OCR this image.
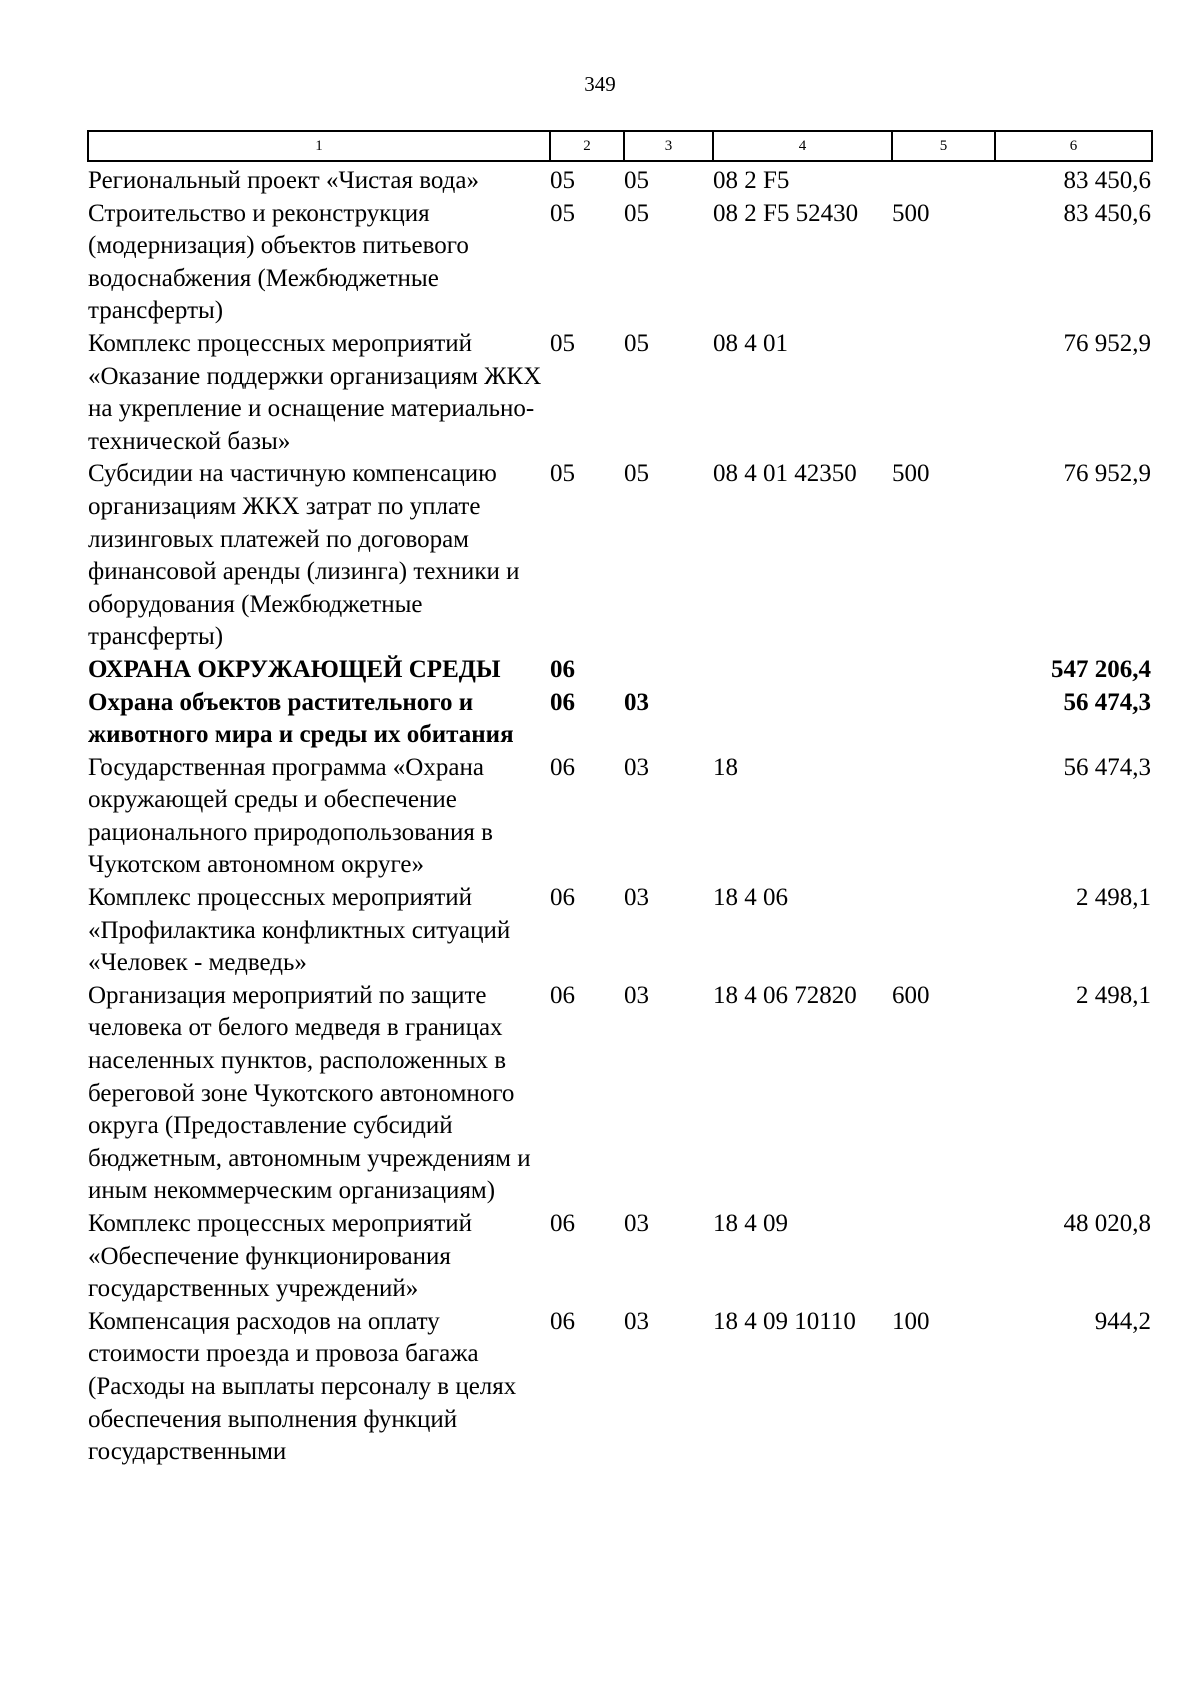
349
1	2	3	4	5	6
Региональный проект «Чистая вода»	05	05	08 2 F5		83 450,6
Строительство и реконструкция (модернизация) объектов питьевого водоснабжения (Межбюджетные трансферты)	05	05	08 2 F5 52430	500	83 450,6
Комплекс процессных мероприятий «Оказание поддержки организациям ЖКХ на укрепление и оснащение материально-технической базы»	05	05	08 4 01		76 952,9
Субсидии на частичную компенсацию организациям ЖКХ затрат по уплате лизинговых платежей по договорам финансовой аренды (лизинга) техники и оборудования (Межбюджетные трансферты)	05	05	08 4 01 42350	500	76 952,9
ОХРАНА ОКРУЖАЮЩЕЙ СРЕДЫ	06				547 206,4
Охрана объектов растительного и животного мира и среды их обитания	06	03			56 474,3
Государственная программа «Охрана окружающей среды и обеспечение рационального природопользования в Чукотском автономном округе»	06	03	18		56 474,3
Комплекс процессных мероприятий «Профилактика конфликтных ситуаций «Человек - медведь»	06	03	18 4 06		2 498,1
Организация мероприятий по защите человека от белого медведя в границах населенных пунктов, расположенных в береговой зоне Чукотского автономного округа (Предоставление субсидий бюджетным, автономным учреждениям и иным некоммерческим организациям)	06	03	18 4 06 72820	600	2 498,1
Комплекс процессных мероприятий «Обеспечение функционирования государственных учреждений»	06	03	18 4 09		48 020,8
Компенсация расходов на оплату стоимости проезда и провоза багажа (Расходы на выплаты персоналу в целях обеспечения выполнения функций государственными	06	03	18 4 09 10110	100	944,2
